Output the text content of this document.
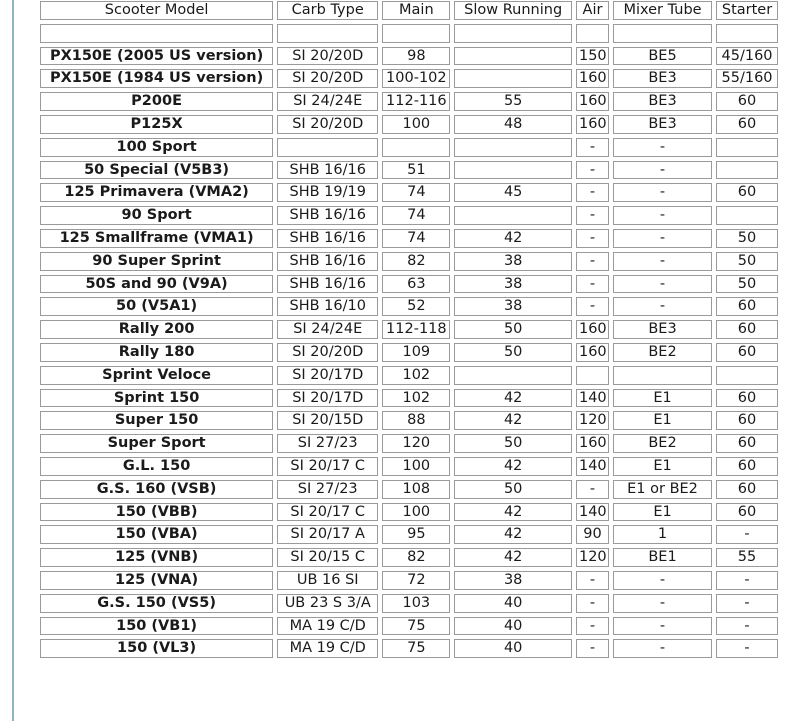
Scooter Model	Carb Type	Main	Slow Running	Air	Mixer Tube	Starter

PX150E (2005 US version)	SI 20/20D	98		150	BE5	45/160
PX150E (1984 US version)	SI 20/20D	100-102		160	BE3	55/160
P200E	SI 24/24E	112-116	55	160	BE3	60
P125X	SI 20/20D	100	48	160	BE3	60
100 Sport				-	-	
50 Special (V5B3)	SHB 16/16	51		-	-	
125 Primavera (VMA2)	SHB 19/19	74	45	-	-	60
90 Sport	SHB 16/16	74		-	-	
125 Smallframe (VMA1)	SHB 16/16	74	42	-	-	50
90 Super Sprint	SHB 16/16	82	38	-	-	50
50S and 90 (V9A)	SHB 16/16	63	38	-	-	50
50 (V5A1)	SHB 16/10	52	38	-	-	60
Rally 200	SI 24/24E	112-118	50	160	BE3	60
Rally 180	SI 20/20D	109	50	160	BE2	60
Sprint Veloce	SI 20/17D	102				
Sprint 150	SI 20/17D	102	42	140	E1	60
Super 150	SI 20/15D	88	42	120	E1	60
Super Sport	SI 27/23	120	50	160	BE2	60
G.L. 150	SI 20/17 C	100	42	140	E1	60
G.S. 160 (VSB)	SI 27/23	108	50	-	E1 or BE2	60
150 (VBB)	SI 20/17 C	100	42	140	E1	60
150 (VBA)	SI 20/17 A	95	42	90	1	-
125 (VNB)	SI 20/15 C	82	42	120	BE1	55
125 (VNA)	UB 16 SI	72	38	-	-	-
G.S. 150 (VS5)	UB 23 S 3/A	103	40	-	-	-
150 (VB1)	MA 19 C/D	75	40	-	-	-
150 (VL3)	MA 19 C/D	75	40	-	-	-
